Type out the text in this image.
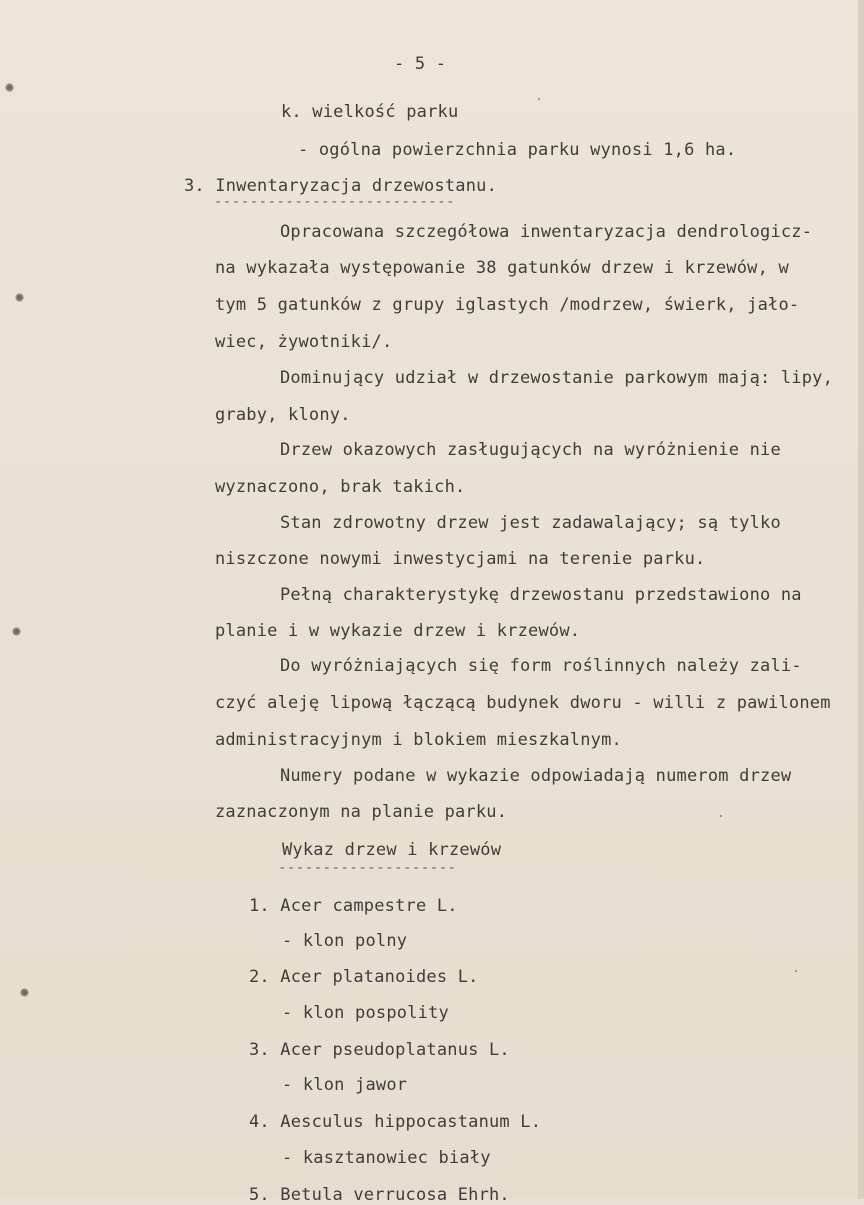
- 5 -
k. wielkość parku
- ogólna powierzchnia parku wynosi 1,6 ha.
3. Inwentaryzacja drzewostanu.
---------------------------
Opracowana szczegółowa inwentaryzacja dendrologicz-
na wykazała występowanie 38 gatunków drzew i krzewów, w
tym 5 gatunków z grupy iglastych /modrzew, świerk, jało-
wiec, żywotniki/.
Dominujący udział w drzewostanie parkowym mają: lipy,
graby, klony.
Drzew okazowych zasługujących na wyróżnienie nie
wyznaczono, brak takich.
Stan zdrowotny drzew jest zadawalający; są tylko
niszczone nowymi inwestycjami na terenie parku.
Pełną charakterystykę drzewostanu przedstawiono na
planie i w wykazie drzew i krzewów.
Do wyróżniających się form roślinnych należy zali-
czyć aleję lipową łączącą budynek dworu - willi z pawilonem
administracyjnym i blokiem mieszkalnym.
Numery podane w wykazie odpowiadają numerom drzew
zaznaczonym na planie parku.
Wykaz drzew i krzewów
--------------------
1. Acer campestre L.
- klon polny
2. Acer platanoides L.
- klon pospolity
3. Acer pseudoplatanus L.
- klon jawor
4. Aesculus hippocastanum L.
- kasztanowiec biały
5. Betula verrucosa Ehrh.
